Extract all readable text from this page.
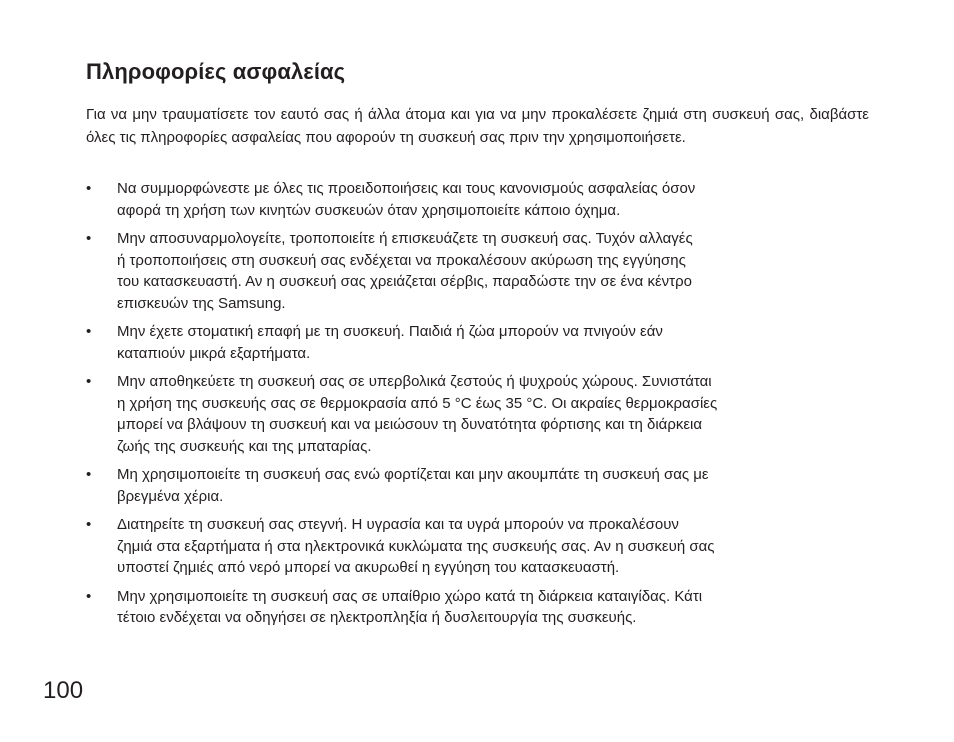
Πληροφορίες ασφαλείας

Για να μην τραυματίσετε τον εαυτό σας ή άλλα άτομα και για να μην προκαλέσετε ζημιά στη συσκευή σας, διαβάστε όλες τις πληροφορίες ασφαλείας που αφορούν τη συσκευή σας πριν την χρησιμοποιήσετε.

•	Να συμμορφώνεστε με όλες τις προειδοποιήσεις και τους κανονισμούς ασφαλείας όσον
αφορά τη χρήση των κινητών συσκευών όταν χρησιμοποιείτε κάποιο όχημα.
•	Μην αποσυναρμολογείτε, τροποποιείτε ή επισκευάζετε τη συσκευή σας. Τυχόν αλλαγές
ή τροποποιήσεις στη συσκευή σας ενδέχεται να προκαλέσουν ακύρωση της εγγύησης
του κατασκευαστή. Αν η συσκευή σας χρειάζεται σέρβις, παραδώστε την σε ένα κέντρο
επισκευών της Samsung.
•	Μην έχετε στοματική επαφή με τη συσκευή. Παιδιά ή ζώα μπορούν να πνιγούν εάν
καταπιούν μικρά εξαρτήματα.
•	Μην αποθηκεύετε τη συσκευή σας σε υπερβολικά ζεστούς ή ψυχρούς χώρους. Συνιστάται
η χρήση της συσκευής σας σε θερμοκρασία από 5 °C έως 35 °C. Οι ακραίες θερμοκρασίες
μπορεί να βλάψουν τη συσκευή και να μειώσουν τη δυνατότητα φόρτισης και τη διάρκεια
ζωής της συσκευής και της μπαταρίας.
•	Μη χρησιμοποιείτε τη συσκευή σας ενώ φορτίζεται και μην ακουμπάτε τη συσκευή σας με
βρεγμένα χέρια.
•	Διατηρείτε τη συσκευή σας στεγνή. Η υγρασία και τα υγρά μπορούν να προκαλέσουν
ζημιά στα εξαρτήματα ή στα ηλεκτρονικά κυκλώματα της συσκευής σας. Αν η συσκευή σας
υποστεί ζημιές από νερό μπορεί να ακυρωθεί η εγγύηση του κατασκευαστή.
•	Μην χρησιμοποιείτε τη συσκευή σας σε υπαίθριο χώρο κατά τη διάρκεια καταιγίδας. Κάτι
τέτοιο ενδέχεται να οδηγήσει σε ηλεκτροπληξία ή δυσλειτουργία της συσκευής.
100
